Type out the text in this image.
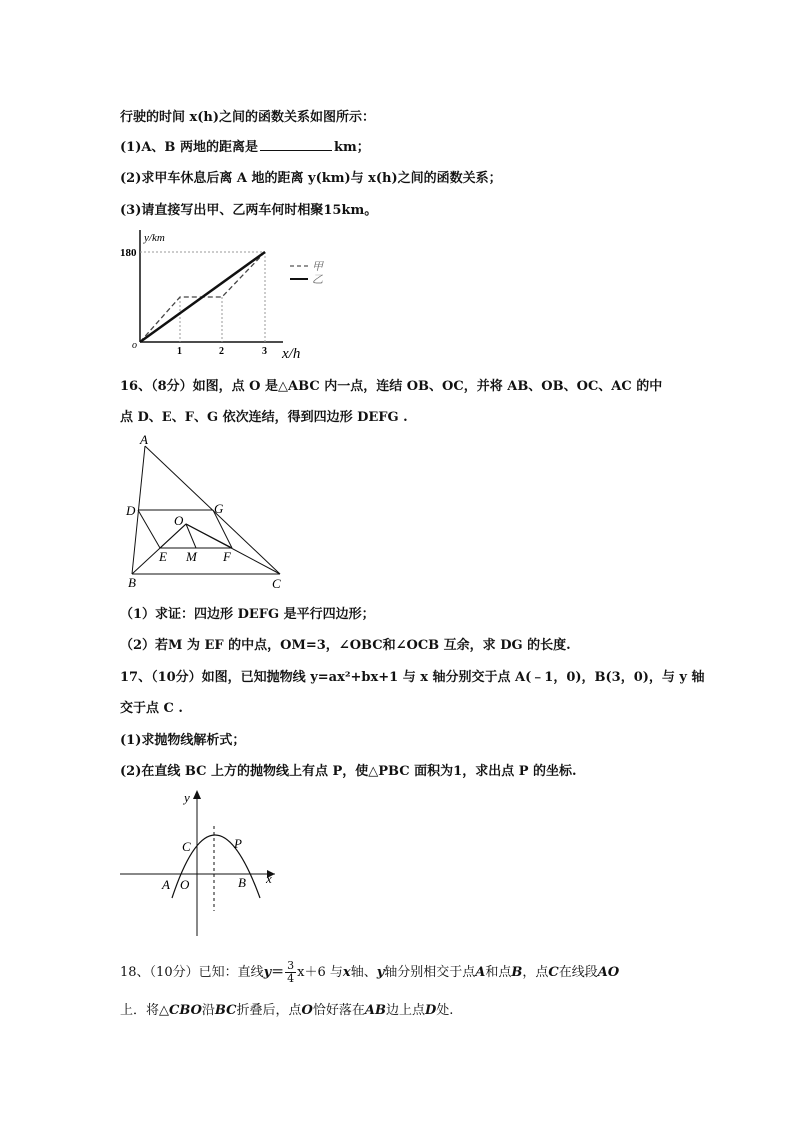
行驶的时间 x(h)之间的函数关系如图所示：
(1)A、B 两地的距离是	km；
(2)求甲车休息后离 A 地的距离 y(km)与 x(h)之间的函数关系；
(3)请直接写出甲、乙两车何时相聚15km。
y/km
180
o
1	2	3 x/h
甲
乙
16、（8分）如图，点 O 是△ABC 内一点，连结 OB、OC，并将 AB、OB、OC、AC 的中
点 D、E、F、G 依次连结，得到四边形 DEFG .
A
D	G
O
E M F
B	C
（1）求证：四边形 DEFG 是平行四边形；
（2）若M 为 EF 的中点，OM=3，∠OBC和∠OCB 互余，求 DG 的长度.
17、（10分）如图，已知抛物线 y=ax²+bx+1 与 x 轴分别交于点 A(﹣1，0)，B(3，0)，与 y 轴
交于点 C .
(1)求抛物线解析式；
(2)在直线 BC 上方的抛物线上有点 P，使△PBC 面积为1，求出点 P 的坐标.
y
x
C	P
A O	B
18、（10分）已知：直线$y= \frac{3}{4} x+6$ 与x轴、y轴分别相交于点A和点B，点C在线段AO
上．将△CBO沿BC折叠后，点O恰好落在AB边上点D处.
